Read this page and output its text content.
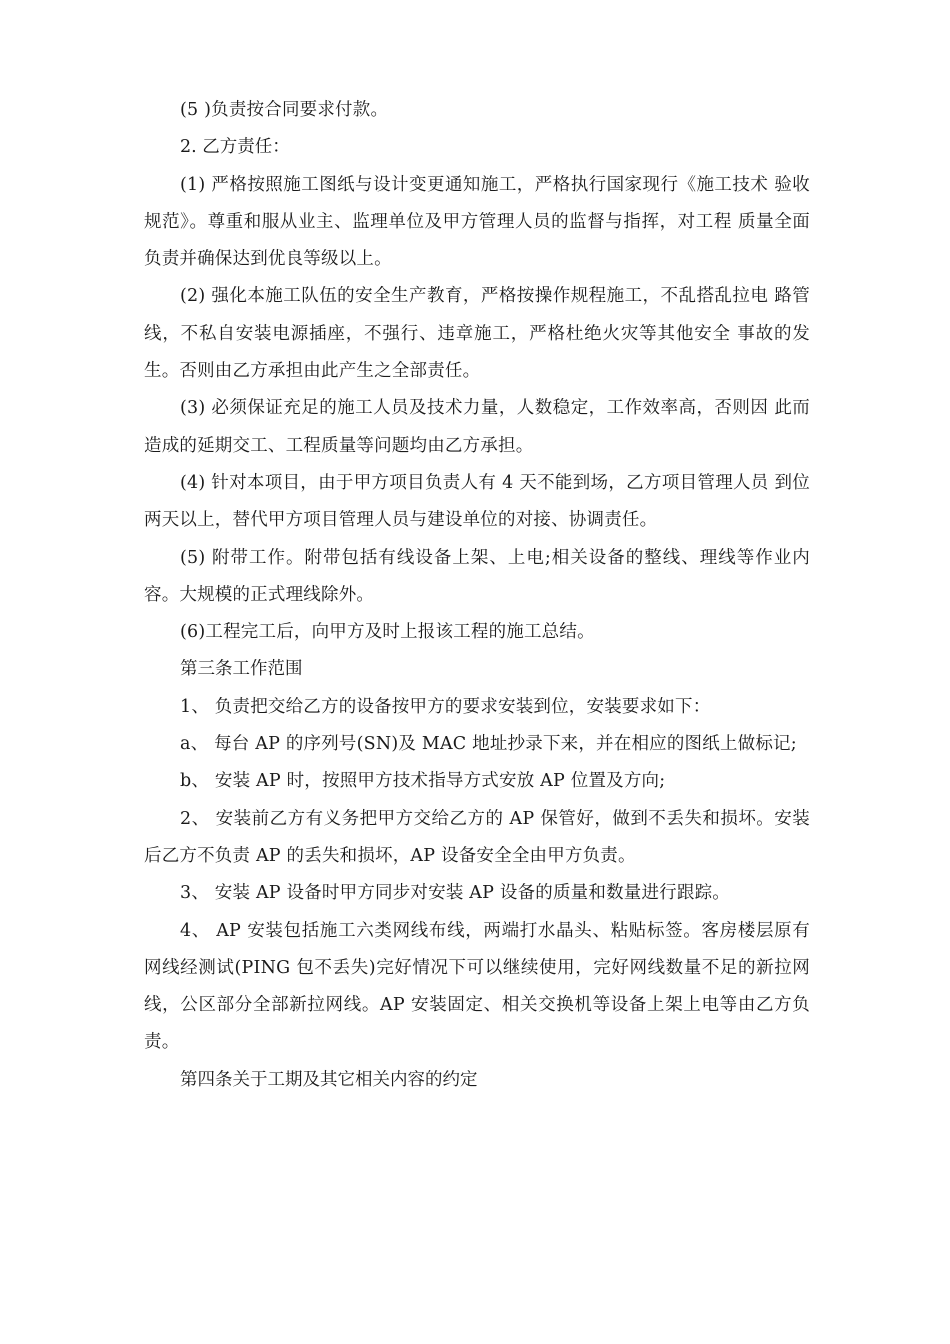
(5 )负责按合同要求付款。

2. 乙方责任：

(1) 严格按照施工图纸与设计变更通知施工，严格执行国家现行《施工技术 验收规范》。尊重和服从业主、监理单位及甲方管理人员的监督与指挥，对工程 质量全面负责并确保达到优良等级以上。

(2) 强化本施工队伍的安全生产教育，严格按操作规程施工，不乱搭乱拉电 路管线，不私自安装电源插座，不强行、违章施工，严格杜绝火灾等其他安全 事故的发生。否则由乙方承担由此产生之全部责任。

(3) 必须保证充足的施工人员及技术力量，人数稳定，工作效率高，否则因 此而造成的延期交工、工程质量等问题均由乙方承担。

(4) 针对本项目，由于甲方项目负责人有 4 天不能到场，乙方项目管理人员 到位两天以上，替代甲方项目管理人员与建设单位的对接、协调责任。

(5) 附带工作。附带包括有线设备上架、上电;相关设备的整线、理线等作业内容。大规模的正式理线除外。

(6)工程完工后，向甲方及时上报该工程的施工总结。

第三条工作范围

1、 负责把交给乙方的设备按甲方的要求安装到位，安装要求如下：

a、 每台 AP 的序列号(SN)及 MAC 地址抄录下来，并在相应的图纸上做标记;

b、 安装 AP 时，按照甲方技术指导方式安放 AP 位置及方向;

2、 安装前乙方有义务把甲方交给乙方的 AP 保管好，做到不丢失和损坏。安装后乙方不负责 AP 的丢失和损坏，AP 设备安全全由甲方负责。

3、 安装 AP 设备时甲方同步对安装 AP 设备的质量和数量进行跟踪。

4、 AP 安装包括施工六类网线布线，两端打水晶头、粘贴标签。客房楼层原有网线经测试(PING 包不丢失)完好情况下可以继续使用，完好网线数量不足的新拉网线，公区部分全部新拉网线。AP 安装固定、相关交换机等设备上架上电等由乙方负责。

第四条关于工期及其它相关内容的约定
